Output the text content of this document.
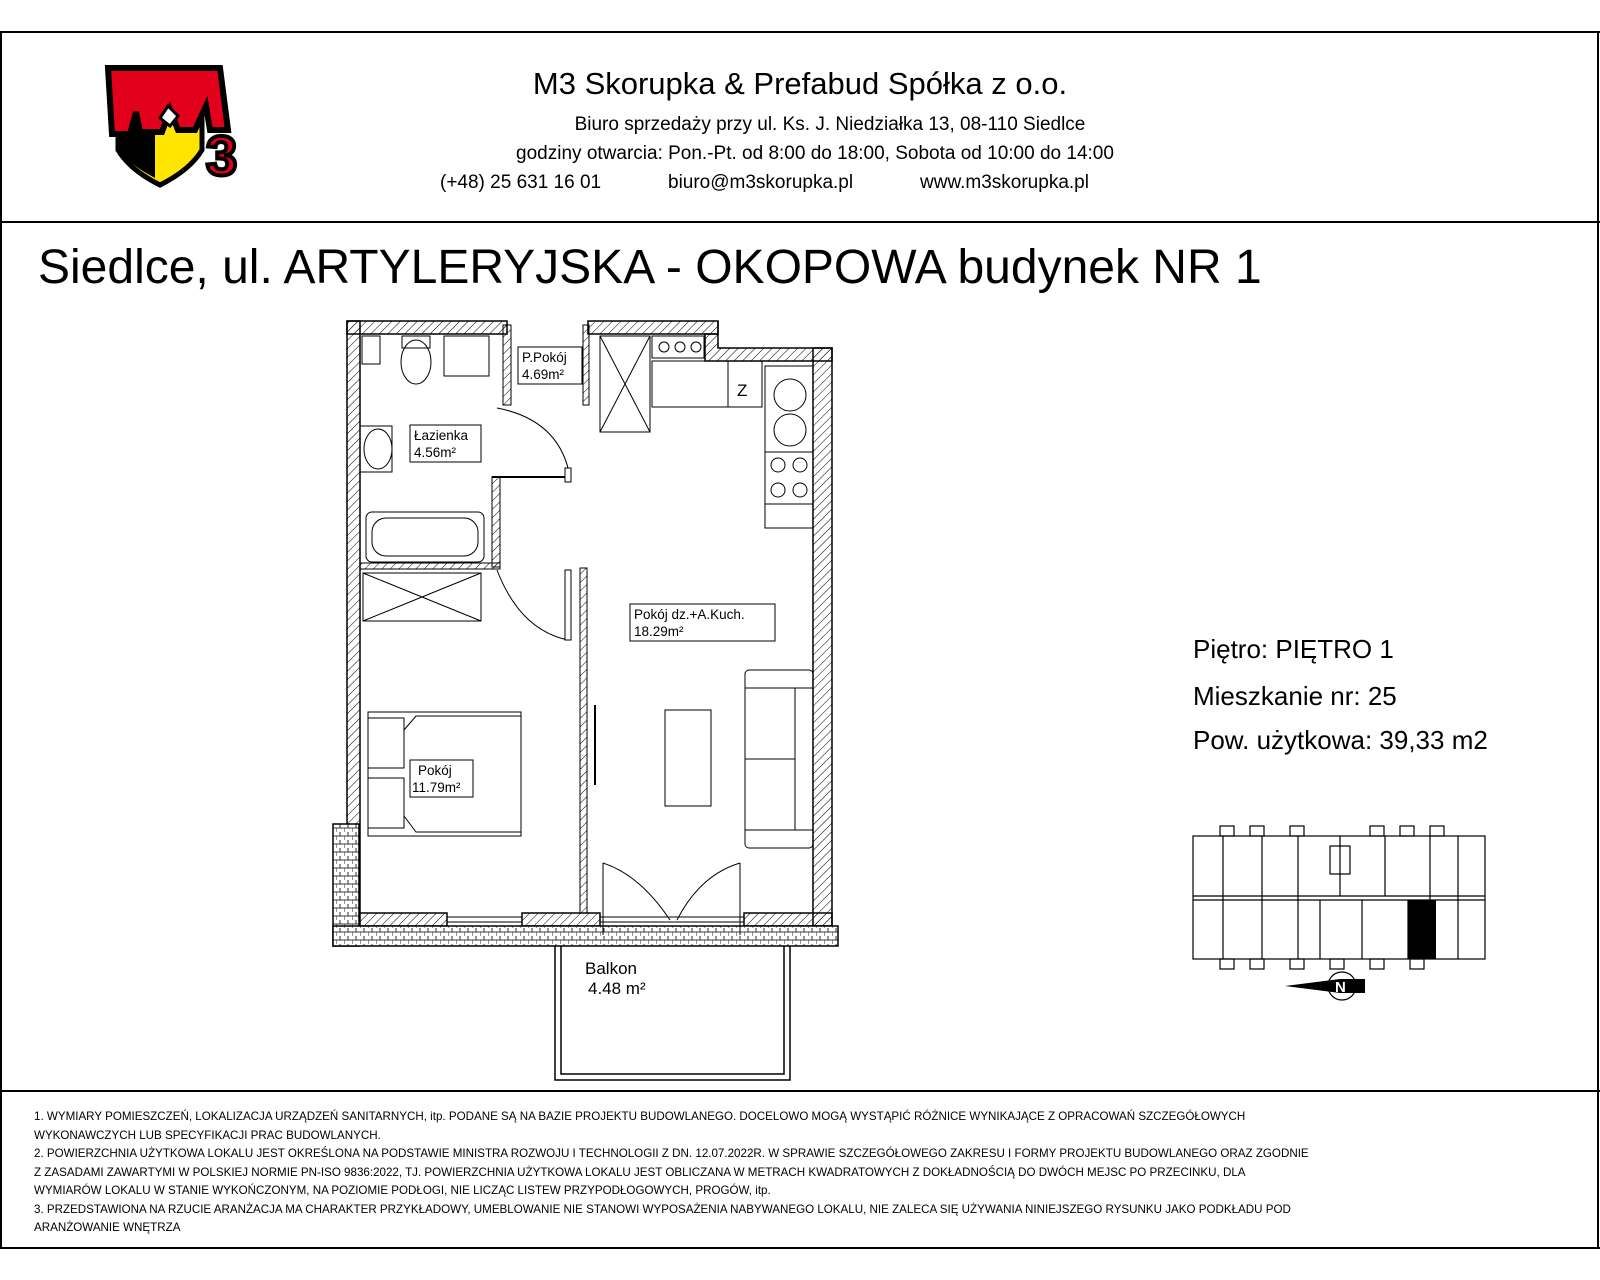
3
M3 Skorupka & Prefabud Spółka z o.o.
Biuro sprzedaży przy ul. Ks. J. Niedziałka 13, 08-110 Siedlce
godziny otwarcia: Pon.-Pt. od 8:00 do 18:00, Sobota od 10:00 do 14:00
(+48) 25 631 16 01	biuro@m3skorupka.pl	www.m3skorupka.pl
Siedlce, ul. ARTYLERYJSKA - OKOPOWA budynek NR 1
Piętro: PIĘTRO 1
Mieszkanie nr: 25
Pow. użytkowa: 39,33 m2
Z
P.Pokój
4.69m²
Łazienka
4.56m²
Pokój dz.+A.Kuch.
18.29m²
Pokój
11.79m²
Balkon
4.48 m²	N
1. WYMIARY POMIESZCZEŃ, LOKALIZACJA URZĄDZEŃ SANITARNYCH, itp. PODANE SĄ NA BAZIE PROJEKTU BUDOWLANEGO. DOCELOWO MOGĄ WYSTĄPIĆ RÓŻNICE WYNIKAJĄCE Z OPRACOWAŃ SZCZEGÓŁOWYCH
WYKONAWCZYCH LUB SPECYFIKACJI PRAC BUDOWLANYCH.
2. POWIERZCHNIA UŻYTKOWA LOKALU JEST OKREŚLONA NA PODSTAWIE MINISTRA ROZWOJU I TECHNOLOGII Z DN. 12.07.2022R. W SPRAWIE SZCZEGÓŁOWEGO ZAKRESU I FORMY PROJEKTU BUDOWLANEGO ORAZ ZGODNIE
Z ZASADAMI ZAWARTYMI W POLSKIEJ NORMIE PN-ISO 9836:2022, TJ. POWIERZCHNIA UŻYTKOWA LOKALU JEST OBLICZANA W METRACH KWADRATOWYCH Z DOKŁADNOŚCIĄ DO DWÓCH MEJSC PO PRZECINKU, DLA
WYMIARÓW LOKALU W STANIE WYKOŃCZONYM, NA POZIOMIE PODŁOGI, NIE LICZĄC LISTEW PRZYPODŁOGOWYCH, PROGÓW, itp.
3. PRZEDSTAWIONA NA RZUCIE ARANŻACJA MA CHARAKTER PRZYKŁADOWY, UMEBLOWANIE NIE STANOWI WYPOSAŻENIA NABYWANEGO LOKALU, NIE ZALECA SIĘ UŻYWANIA NINIEJSZEGO RYSUNKU JAKO PODKŁADU POD
ARANŻOWANIE WNĘTRZA
